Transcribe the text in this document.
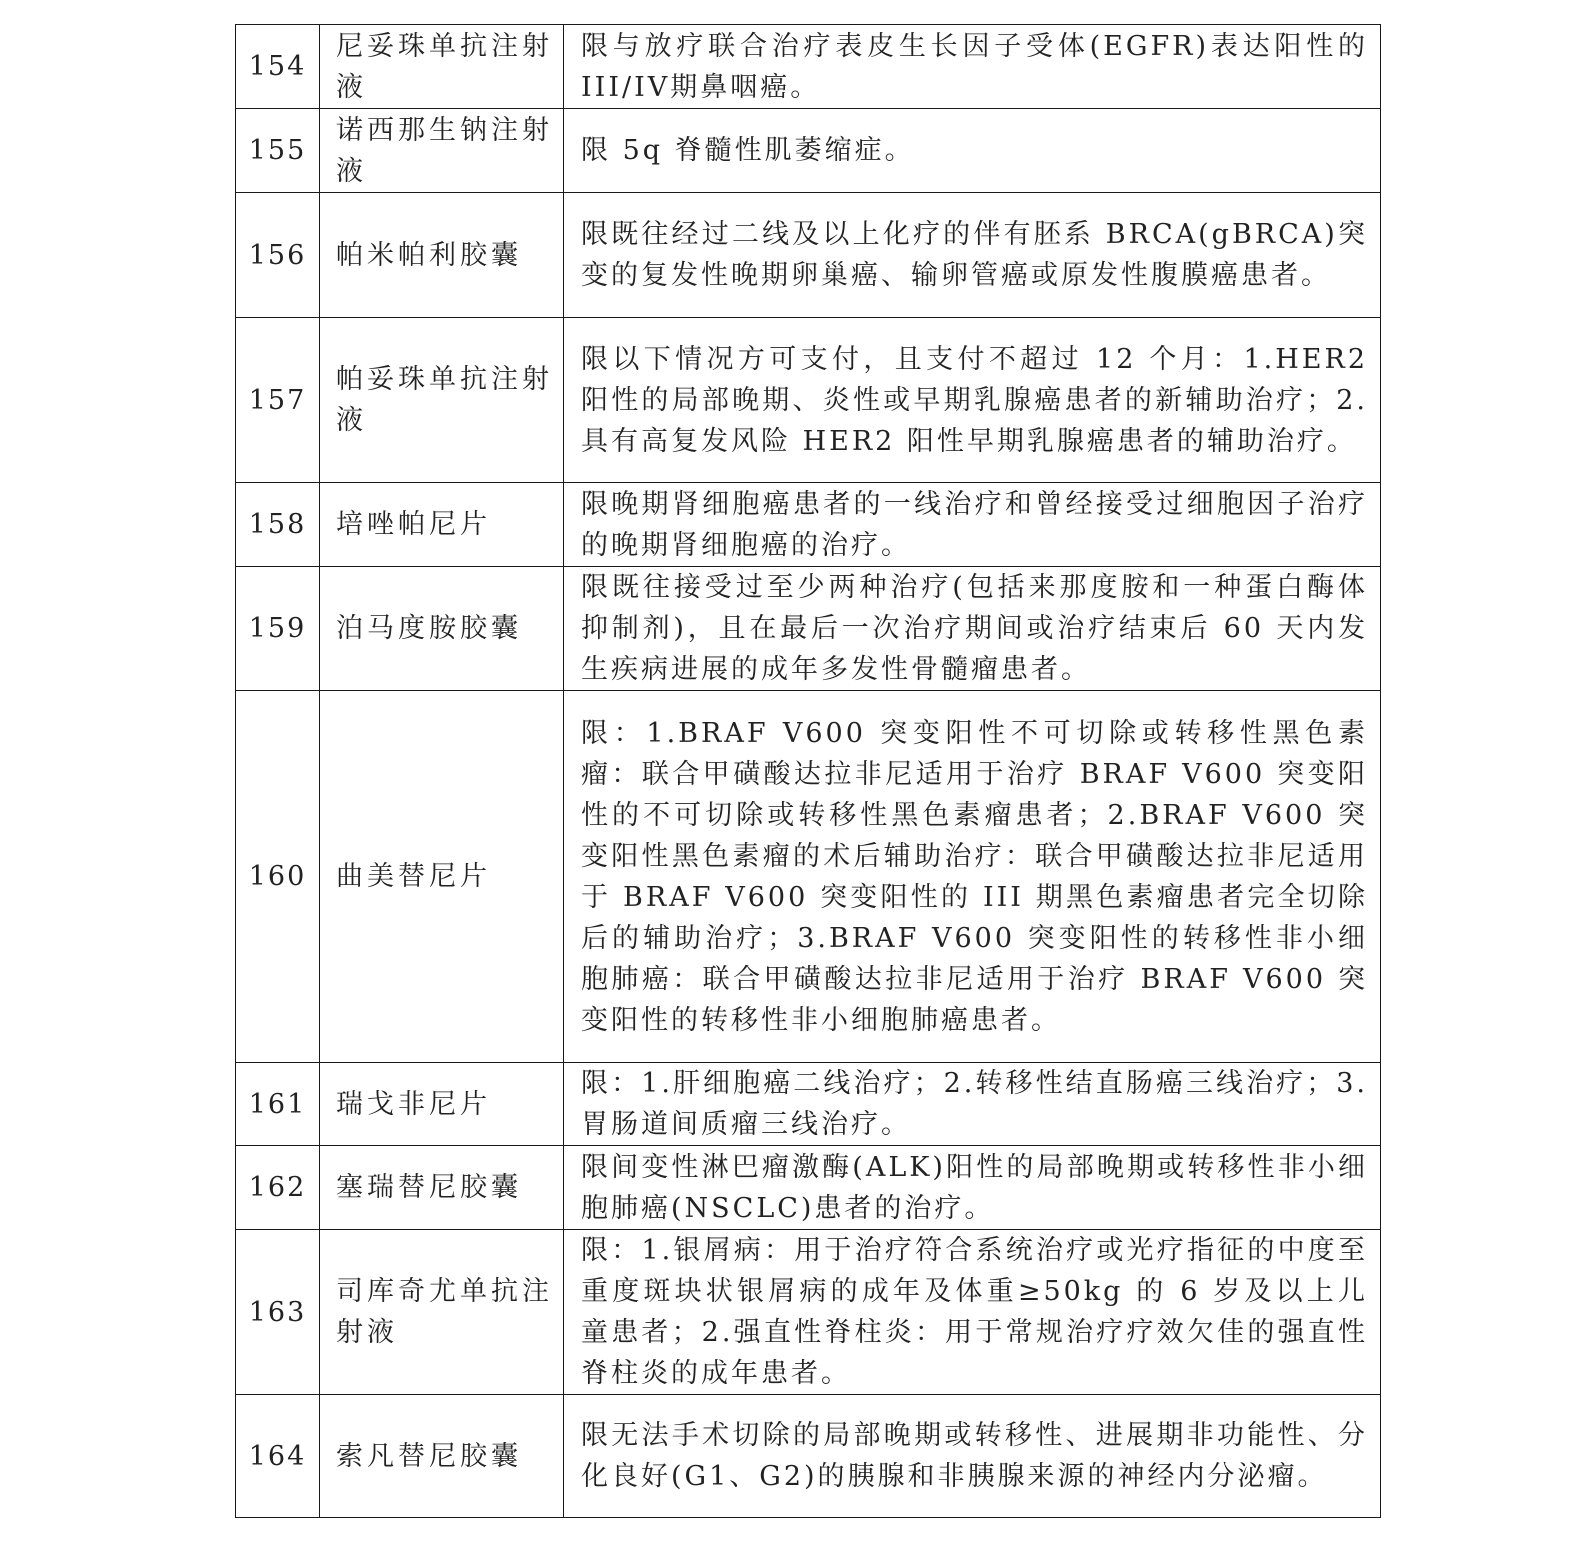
154	尼妥珠单抗注射液	限与放疗联合治疗表皮生长因子受体(EGFR)表达阳性的III/IV期鼻咽癌。
155	诺西那生钠注射液	限 5q 脊髓性肌萎缩症。
156	帕米帕利胶囊	限既往经过二线及以上化疗的伴有胚系 BRCA(gBRCA)突变的复发性晚期卵巢癌、输卵管癌或原发性腹膜癌患者。
157	帕妥珠单抗注射液	限以下情况方可支付，且支付不超过 12 个月：1.HER2 阳性的局部晚期、炎性或早期乳腺癌患者的新辅助治疗；2.具有高复发风险 HER2 阳性早期乳腺癌患者的辅助治疗。
158	培唑帕尼片	限晚期肾细胞癌患者的一线治疗和曾经接受过细胞因子治疗的晚期肾细胞癌的治疗。
159	泊马度胺胶囊	限既往接受过至少两种治疗(包括来那度胺和一种蛋白酶体抑制剂)，且在最后一次治疗期间或治疗结束后 60 天内发生疾病进展的成年多发性骨髓瘤患者。
160	曲美替尼片	限：1.BRAF V600 突变阳性不可切除或转移性黑色素瘤：联合甲磺酸达拉非尼适用于治疗 BRAF V600 突变阳性的不可切除或转移性黑色素瘤患者；2.BRAF V600 突变阳性黑色素瘤的术后辅助治疗：联合甲磺酸达拉非尼适用于 BRAF V600 突变阳性的 III 期黑色素瘤患者完全切除后的辅助治疗；3.BRAF V600 突变阳性的转移性非小细胞肺癌：联合甲磺酸达拉非尼适用于治疗 BRAF V600 突变阳性的转移性非小细胞肺癌患者。
161	瑞戈非尼片	限：1.肝细胞癌二线治疗；2.转移性结直肠癌三线治疗；3.胃肠道间质瘤三线治疗。
162	塞瑞替尼胶囊	限间变性淋巴瘤激酶(ALK)阳性的局部晚期或转移性非小细胞肺癌(NSCLC)患者的治疗。
163	司库奇尤单抗注射液	限：1.银屑病：用于治疗符合系统治疗或光疗指征的中度至重度斑块状银屑病的成年及体重≥50kg 的 6 岁及以上儿童患者；2.强直性脊柱炎：用于常规治疗疗效欠佳的强直性脊柱炎的成年患者。
164	索凡替尼胶囊	限无法手术切除的局部晚期或转移性、进展期非功能性、分化良好(G1、G2)的胰腺和非胰腺来源的神经内分泌瘤。
